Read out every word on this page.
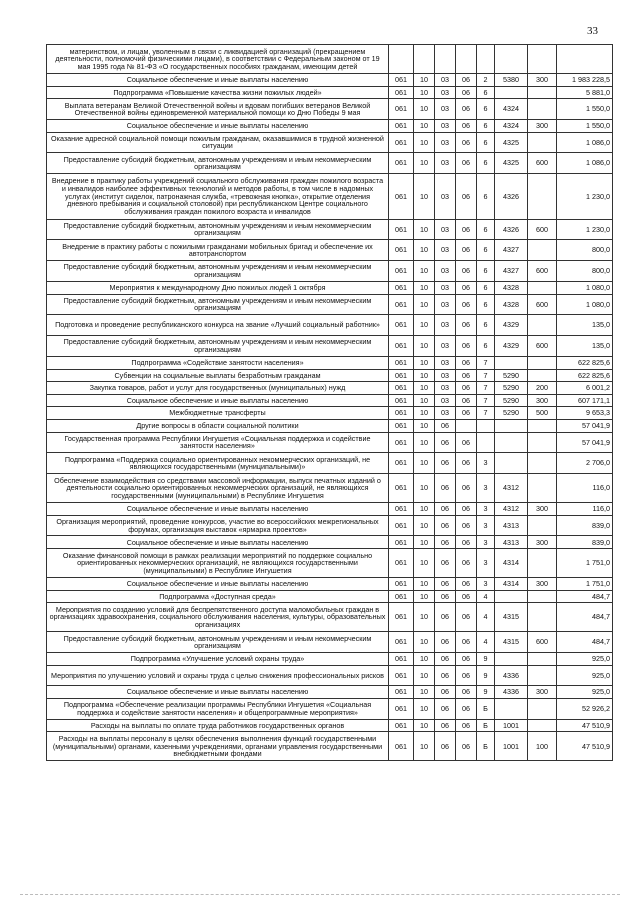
33
материнством, и лицам, уволенным в связи с ликвидацией организаций (прекращением деятельности, полномочий физическими лицами), в соответствии с Федеральным законом от 19 мая 1995 года № 81-ФЗ «О государственных пособиях гражданам, имеющим детей								
Социальное обеспечение и иные выплаты населению	061	10	03	06	2	5380	300	1 983 228,5
Подпрограмма «Повышение качества жизни пожилых людей»	061	10	03	06	6			5 881,0
Выплата ветеранам Великой Отечественной войны и вдовам погибших ветеранов Великой Отечественной войны единовременной материальной помощи ко Дню Победы 9 мая	061	10	03	06	6	4324		1 550,0
Социальное обеспечение и иные выплаты населению	061	10	03	06	6	4324	300	1 550,0
Оказание адресной социальной помощи пожилым гражданам, оказавшимися в трудной жизненной ситуации	061	10	03	06	6	4325		1 086,0
Предоставление субсидий бюджетным, автономным учреждениям и иным некоммерческим организациям	061	10	03	06	6	4325	600	1 086,0
Внедрение в практику работы учреждений социального обслуживания граждан пожилого возраста и инвалидов наиболее эффективных технологий и методов работы, в том числе в надомных услугах (институт сиделок, патронажная служба, «тревожная кнопка», открытие отделения дневного пребывания и социальной столовой) при республиканском Центре социального обслуживания граждан пожилого возраста и инвалидов	061	10	03	06	6	4326		1 230,0
Предоставление субсидий бюджетным, автономным учреждениям и иным некоммерческим организациям	061	10	03	06	6	4326	600	1 230,0
Внедрение в практику работы с пожилыми гражданами мобильных бригад и обеспечение их автотранспортом	061	10	03	06	6	4327		800,0
Предоставление субсидий бюджетным, автономным учреждениям и иным некоммерческим организациям	061	10	03	06	6	4327	600	800,0
Мероприятия к международному Дню пожилых людей 1 октября	061	10	03	06	6	4328		1 080,0
Предоставление субсидий бюджетным, автономным учреждениям и иным некоммерческим организациям	061	10	03	06	6	4328	600	1 080,0
Подготовка и проведение республиканского конкурса на звание «Лучший социальный работник»	061	10	03	06	6	4329		135,0
Предоставление субсидий бюджетным, автономным учреждениям и иным некоммерческим организациям	061	10	03	06	6	4329	600	135,0
Подпрограмма «Содействие занятости населения»	061	10	03	06	7			622 825,6
Субвенции на социальные выплаты безработным гражданам	061	10	03	06	7	5290		622 825,6
Закупка товаров, работ и услуг для государственных (муниципальных) нужд	061	10	03	06	7	5290	200	6 001,2
Социальное обеспечение и иные выплаты населению	061	10	03	06	7	5290	300	607 171,1
Межбюджетные трансферты	061	10	03	06	7	5290	500	9 653,3
Другие вопросы в области социальной политики	061	10	06					57 041,9
Государственная программа Республики Ингушетия «Социальная поддержка и содействие занятости населения»	061	10	06	06				57 041,9
Подпрограмма «Поддержка социально ориентированных некоммерческих организаций, не являющихся государственными (муниципальными)»	061	10	06	06	3			2 706,0
Обеспечение взаимодействия со средствами массовой информации, выпуск печатных изданий о деятельности социально ориентированных некоммерческих организаций, не являющихся государственными (муниципальными) в Республике Ингушетия	061	10	06	06	3	4312		116,0
Социальное обеспечение и иные выплаты населению	061	10	06	06	3	4312	300	116,0
Организация мероприятий, проведение конкурсов, участие во всероссийских межрегиональных форумах, организация выставок «ярмарка проектов»	061	10	06	06	3	4313		839,0
Социальное обеспечение и иные выплаты населению	061	10	06	06	3	4313	300	839,0
Оказание финансовой помощи в рамках реализации мероприятий по поддержке социально ориентированных некоммерческих организаций, не являющихся государственными (муниципальными) в Республике Ингушетия	061	10	06	06	3	4314		1 751,0
Социальное обеспечение и иные выплаты населению	061	10	06	06	3	4314	300	1 751,0
Подпрограмма «Доступная среда»	061	10	06	06	4			484,7
Мероприятия по созданию условий для беспрепятственного доступа маломобильных граждан в организациях здравоохранения, социального обслуживания населения, культуры, образовательных организациях	061	10	06	06	4	4315		484,7
Предоставление субсидий бюджетным, автономным учреждениям и иным некоммерческим организациям	061	10	06	06	4	4315	600	484,7
Подпрограмма «Улучшение условий охраны труда»	061	10	06	06	9			925,0
Мероприятия по улучшению условий и охраны труда с целью снижения профессиональных рисков	061	10	06	06	9	4336		925,0
Социальное обеспечение и иные выплаты населению	061	10	06	06	9	4336	300	925,0
Подпрограмма «Обеспечение реализации программы Республики Ингушетия «Социальная поддержка и содействие занятости населения» и общепрограммные мероприятия»	061	10	06	06	Б			52 926,2
Расходы на выплаты по оплате труда работников государственных органов	061	10	06	06	Б	1001		47 510,9
Расходы на выплаты персоналу в целях обеспечения выполнения функций государственными (муниципальными) органами, казенными учреждениями, органами управления государственными внебюджетными фондами	061	10	06	06	Б	1001	100	47 510,9
